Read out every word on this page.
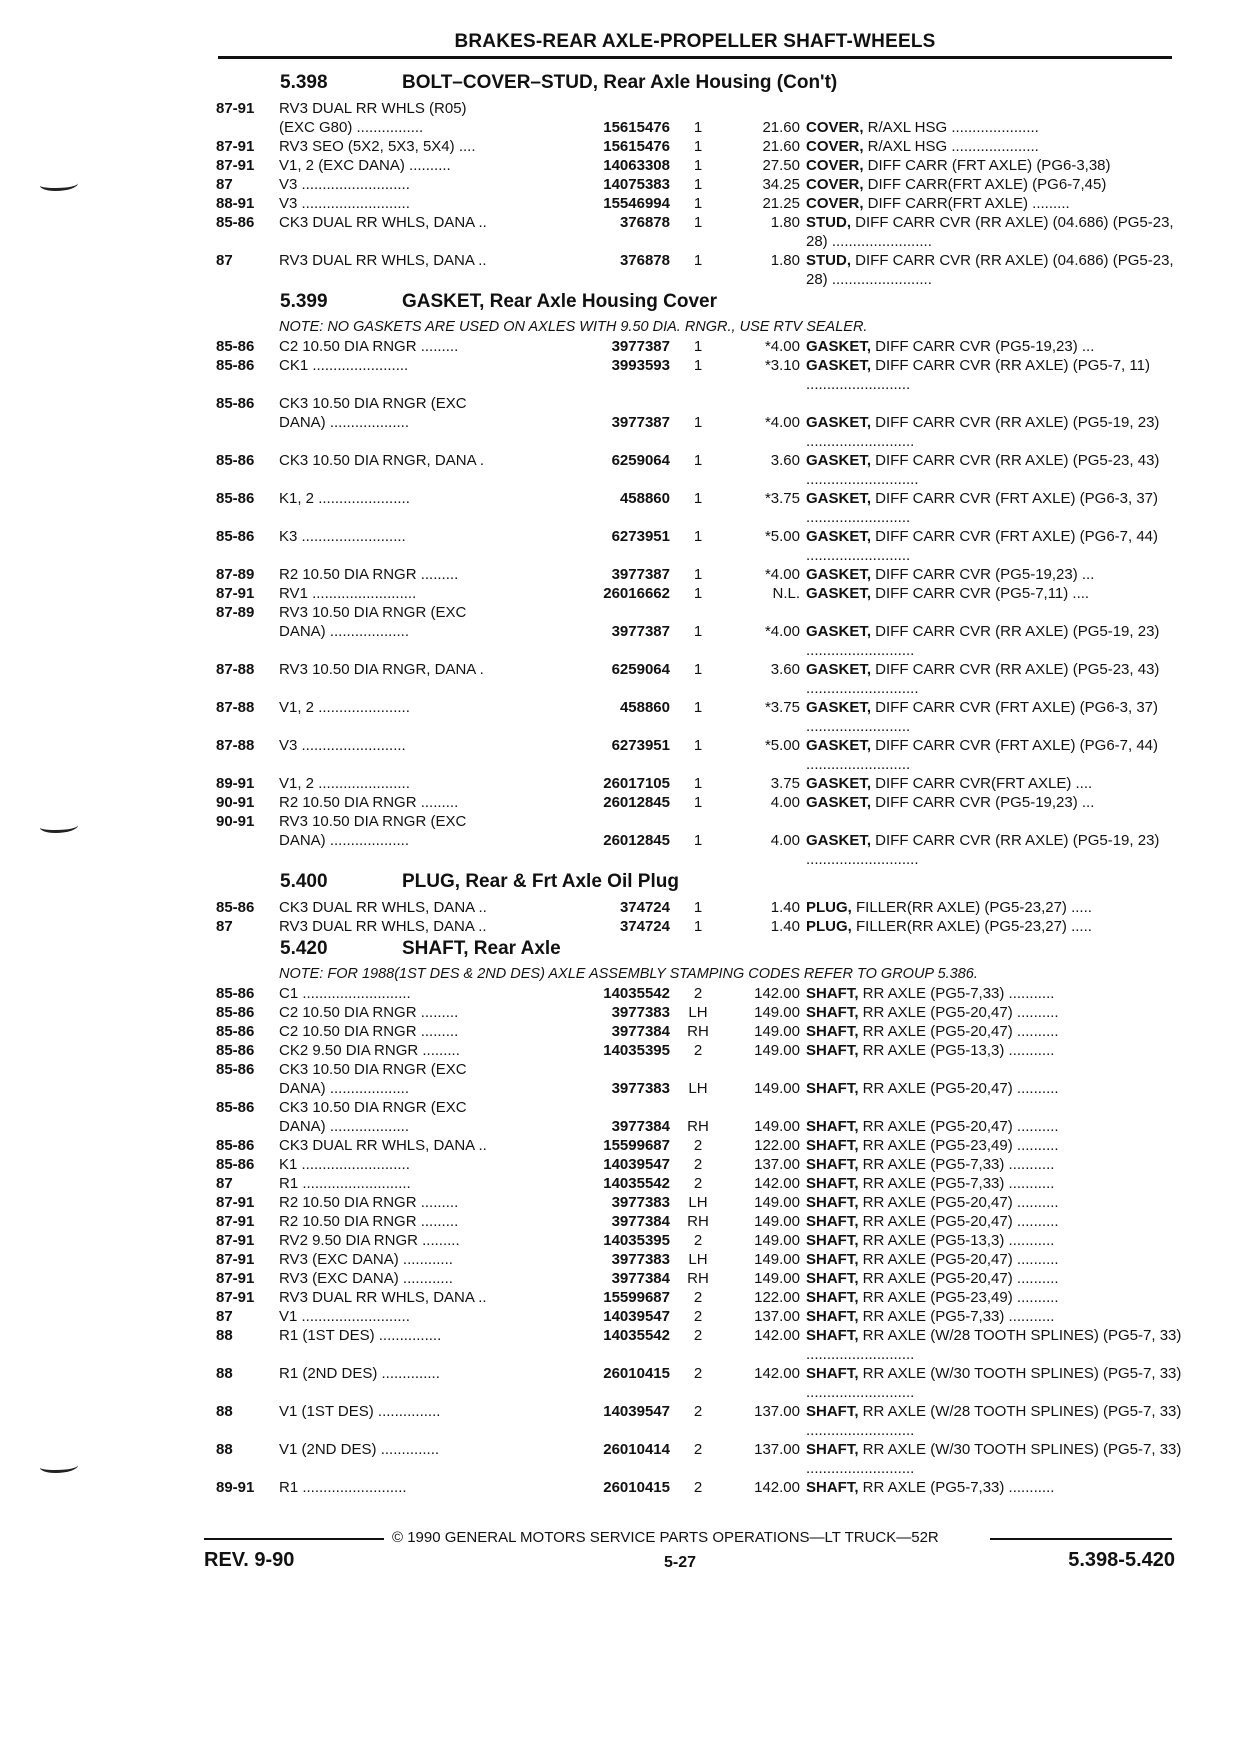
BRAKES-REAR AXLE-PROPELLER SHAFT-WHEELS
5.398	BOLT–COVER–STUD, Rear Axle Housing (Con't)
87-91	RV3 DUAL RR WHLS (R05)
(EXC G80) ................	15615476	1	21.60 COVER, R/AXL HSG .....................
87-91	RV3 SEO (5X2, 5X3, 5X4) ....	15615476	1	21.60 COVER, R/AXL HSG .....................
87-91	V1, 2 (EXC DANA) ..........	14063308	1	27.50 COVER, DIFF CARR (FRT AXLE) (PG6-3,38)
87	V3 ..........................	14075383	1	34.25 COVER, DIFF CARR(FRT AXLE) (PG6-7,45)
88-91	V3 ..........................	15546994	1	21.25 COVER, DIFF CARR(FRT AXLE) .........
85-86	CK3 DUAL RR WHLS, DANA ..	376878	1	1.80 STUD, DIFF CARR CVR (RR AXLE) (04.686) (PG5-23, 28) ........................
87	RV3 DUAL RR WHLS, DANA ..	376878	1	1.80 STUD, DIFF CARR CVR (RR AXLE) (04.686) (PG5-23, 28) ........................
5.399	GASKET, Rear Axle Housing Cover
NOTE: NO GASKETS ARE USED ON AXLES WITH 9.50 DIA. RNGR., USE RTV SEALER.
85-86	C2 10.50 DIA RNGR .........	3977387	1	*4.00 GASKET, DIFF CARR CVR (PG5-19,23) ...
85-86	CK1 .......................	3993593	1	*3.10 GASKET, DIFF CARR CVR (RR AXLE) (PG5-7, 11) .........................
85-86	CK3 10.50 DIA RNGR (EXC
DANA) ...................	3977387	1	*4.00 GASKET, DIFF CARR CVR (RR AXLE) (PG5-19, 23) ..........................
85-86	CK3 10.50 DIA RNGR, DANA .	6259064	1	3.60 GASKET, DIFF CARR CVR (RR AXLE) (PG5-23, 43) ...........................
85-86	K1, 2 ......................	458860	1	*3.75 GASKET, DIFF CARR CVR (FRT AXLE) (PG6-3, 37) .........................
85-86	K3 .........................	6273951	1	*5.00 GASKET, DIFF CARR CVR (FRT AXLE) (PG6-7, 44) .........................
87-89	R2 10.50 DIA RNGR .........	3977387	1	*4.00 GASKET, DIFF CARR CVR (PG5-19,23) ...
87-91	RV1 .........................	26016662	1	N.L. GASKET, DIFF CARR CVR (PG5-7,11) ....
87-89	RV3 10.50 DIA RNGR (EXC
DANA) ...................	3977387	1	*4.00 GASKET, DIFF CARR CVR (RR AXLE) (PG5-19, 23) ..........................
87-88	RV3 10.50 DIA RNGR, DANA .	6259064	1	3.60 GASKET, DIFF CARR CVR (RR AXLE) (PG5-23, 43) ...........................
87-88	V1, 2 ......................	458860	1	*3.75 GASKET, DIFF CARR CVR (FRT AXLE) (PG6-3, 37) .........................
87-88	V3 .........................	6273951	1	*5.00 GASKET, DIFF CARR CVR (FRT AXLE) (PG6-7, 44) .........................
89-91	V1, 2 ......................	26017105	1	3.75 GASKET, DIFF CARR CVR(FRT AXLE) ....
90-91	R2 10.50 DIA RNGR .........	26012845	1	4.00 GASKET, DIFF CARR CVR (PG5-19,23) ...
90-91	RV3 10.50 DIA RNGR (EXC
DANA) ...................	26012845	1	4.00 GASKET, DIFF CARR CVR (RR AXLE) (PG5-19, 23) ...........................
5.400	PLUG, Rear & Frt Axle Oil Plug
85-86	CK3 DUAL RR WHLS, DANA ..	374724	1	1.40 PLUG, FILLER(RR AXLE) (PG5-23,27) .....
87	RV3 DUAL RR WHLS, DANA ..	374724	1	1.40 PLUG, FILLER(RR AXLE) (PG5-23,27) .....
5.420	SHAFT, Rear Axle
NOTE: FOR 1988(1ST DES & 2ND DES) AXLE ASSEMBLY STAMPING CODES REFER TO GROUP 5.386.
85-86	C1 ..........................	14035542	2	142.00 SHAFT, RR AXLE (PG5-7,33) ...........
85-86	C2 10.50 DIA RNGR .........	3977383	LH	149.00 SHAFT, RR AXLE (PG5-20,47) ..........
85-86	C2 10.50 DIA RNGR .........	3977384	RH	149.00 SHAFT, RR AXLE (PG5-20,47) ..........
85-86	CK2 9.50 DIA RNGR .........	14035395	2	149.00 SHAFT, RR AXLE (PG5-13,3) ...........
85-86	CK3 10.50 DIA RNGR (EXC
DANA) ...................	3977383	LH	149.00 SHAFT, RR AXLE (PG5-20,47) ..........
85-86	CK3 10.50 DIA RNGR (EXC
DANA) ...................	3977384	RH	149.00 SHAFT, RR AXLE (PG5-20,47) ..........
85-86	CK3 DUAL RR WHLS, DANA ..	15599687	2	122.00 SHAFT, RR AXLE (PG5-23,49) ..........
85-86	K1 ..........................	14039547	2	137.00 SHAFT, RR AXLE (PG5-7,33) ...........
87	R1 ..........................	14035542	2	142.00 SHAFT, RR AXLE (PG5-7,33) ...........
87-91	R2 10.50 DIA RNGR .........	3977383	LH	149.00 SHAFT, RR AXLE (PG5-20,47) ..........
87-91	R2 10.50 DIA RNGR .........	3977384	RH	149.00 SHAFT, RR AXLE (PG5-20,47) ..........
87-91	RV2 9.50 DIA RNGR .........	14035395	2	149.00 SHAFT, RR AXLE (PG5-13,3) ...........
87-91	RV3 (EXC DANA) ............	3977383	LH	149.00 SHAFT, RR AXLE (PG5-20,47) ..........
87-91	RV3 (EXC DANA) ............	3977384	RH	149.00 SHAFT, RR AXLE (PG5-20,47) ..........
87-91	RV3 DUAL RR WHLS, DANA ..	15599687	2	122.00 SHAFT, RR AXLE (PG5-23,49) ..........
87	V1 ..........................	14039547	2	137.00 SHAFT, RR AXLE (PG5-7,33) ...........
88	R1 (1ST DES) ...............	14035542	2	142.00 SHAFT, RR AXLE (W/28 TOOTH SPLINES) (PG5-7, 33) ..........................
88	R1 (2ND DES) ..............	26010415	2	142.00 SHAFT, RR AXLE (W/30 TOOTH SPLINES) (PG5-7, 33) ..........................
88	V1 (1ST DES) ...............	14039547	2	137.00 SHAFT, RR AXLE (W/28 TOOTH SPLINES) (PG5-7, 33) ..........................
88	V1 (2ND DES) ..............	26010414	2	137.00 SHAFT, RR AXLE (W/30 TOOTH SPLINES) (PG5-7, 33) ..........................
89-91	R1 .........................	26010415	2	142.00 SHAFT, RR AXLE (PG5-7,33) ...........
© 1990 GENERAL MOTORS SERVICE PARTS OPERATIONS—LT TRUCK—52R
REV. 9-90	5-27	5.398-5.420
